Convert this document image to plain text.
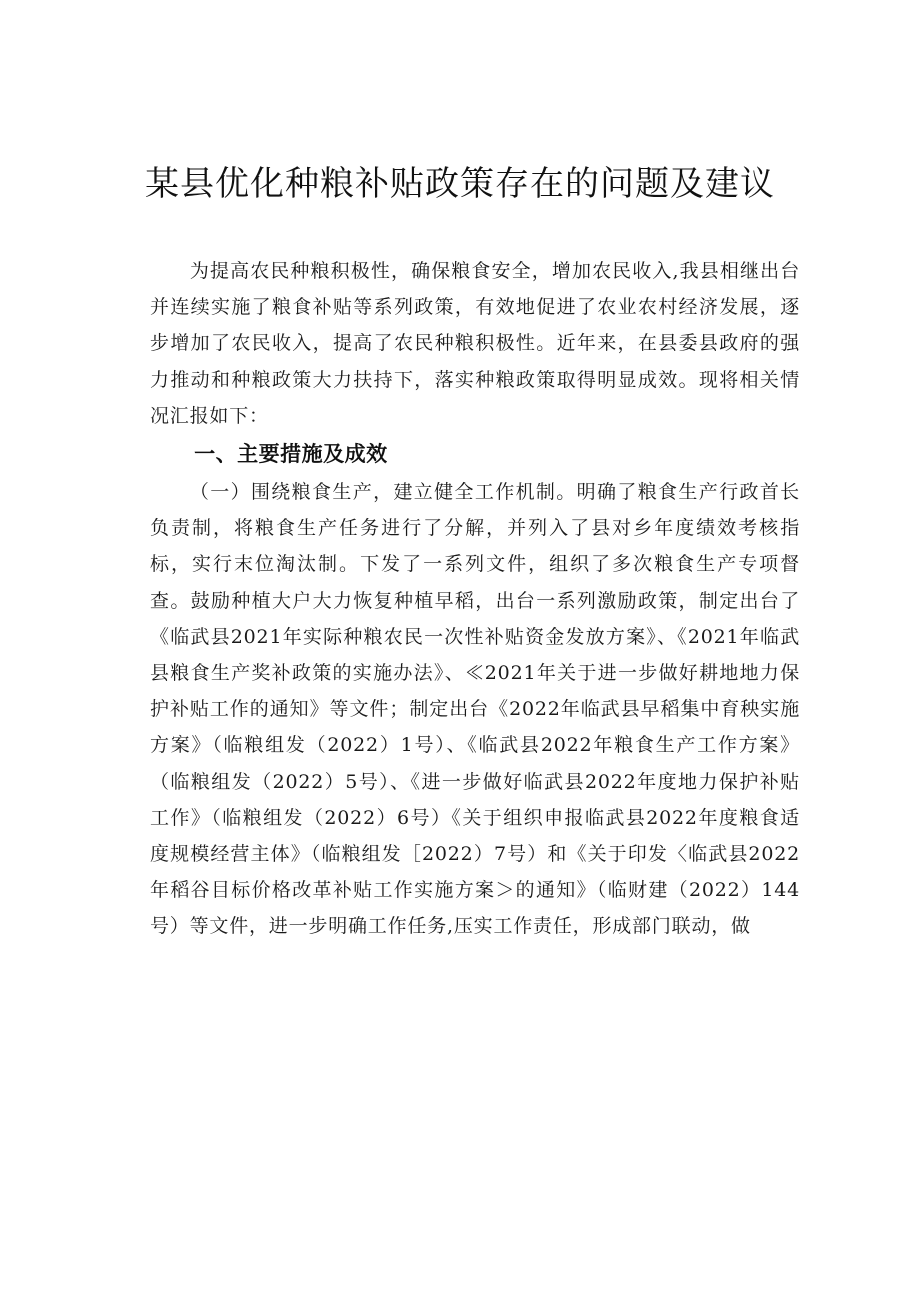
某县优化种粮补贴政策存在的问题及建议

为提高农民种粮积极性，确保粮食安全，增加农民收入,我县相继出台并连续实施了粮食补贴等系列政策，有效地促进了农业农村经济发展，逐步增加了农民收入，提高了农民种粮积极性。近年来，在县委县政府的强力推动和种粮政策大力扶持下，落实种粮政策取得明显成效。现将相关情况汇报如下：

一、主要措施及成效

（一）围绕粮食生产，建立健全工作机制。明确了粮食生产行政首长负责制，将粮食生产任务进行了分解，并列入了县对乡年度绩效考核指标，实行末位淘汰制。下发了一系列文件，组织了多次粮食生产专项督查。鼓励种植大户大力恢复种植早稻，出台一系列激励政策，制定出台了《临武县2021年实际种粮农民一次性补贴资金发放方案》、《2021年临武县粮食生产奖补政策的实施办法》、≪2021年关于进一步做好耕地地力保护补贴工作的通知》等文件；制定出台《2022年临武县早稻集中育秧实施方案》（临粮组发（2022）1号）、《临武县2022年粮食生产工作方案》（临粮组发（2022）5号）、《进一步做好临武县2022年度地力保护补贴工作》（临粮组发（2022）6号）《关于组织申报临武县2022年度粮食适度规模经营主体》（临粮组发［2022）7号）和《关于印发〈临武县2022年稻谷目标价格改革补贴工作实施方案＞的通知》（临财建（2022）144号）等文件，进一步明确工作任务,压实工作责任，形成部门联动，做
